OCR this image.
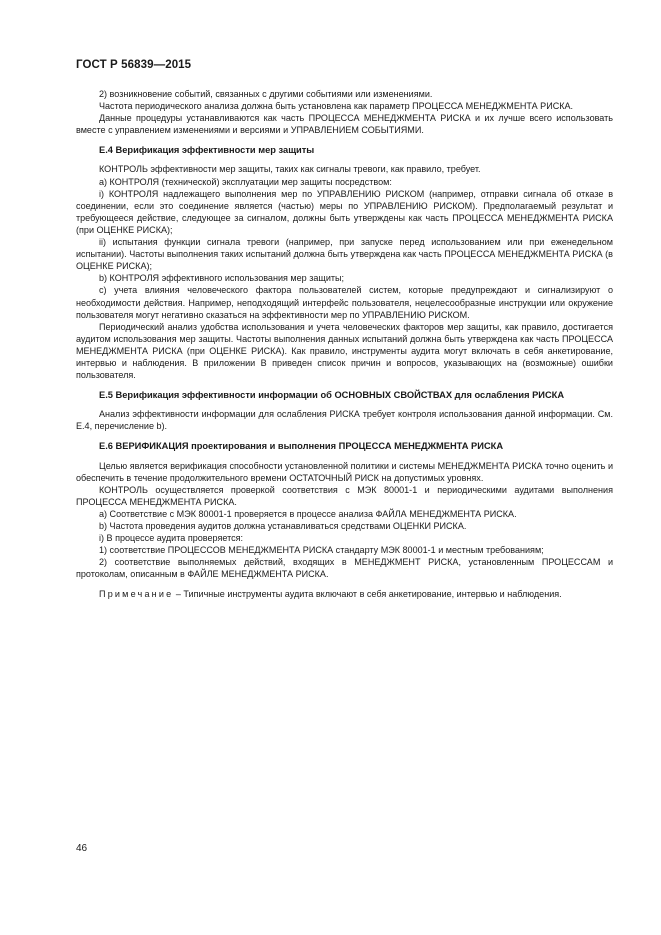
ГОСТ Р 56839—2015

2) возникновение событий, связанных с другими событиями или изменениями.

Частота периодического анализа должна быть установлена как параметр ПРОЦЕССА МЕНЕДЖМЕНТА РИСКА.

Данные процедуры устанавливаются как часть ПРОЦЕССА МЕНЕДЖМЕНТА РИСКА и их лучше всего использовать вместе с управлением изменениями и версиями и УПРАВЛЕНИЕМ СОБЫТИЯМИ.

Е.4 Верификация эффективности мер защиты

КОНТРОЛЬ эффективности мер защиты, таких как сигналы тревоги, как правило, требует.

а) КОНТРОЛЯ (технической) эксплуатации мер защиты посредством:

i) КОНТРОЛЯ надлежащего выполнения мер по УПРАВЛЕНИЮ РИСКОМ (например, отправки сигнала об отказе в соединении, если это соединение является (частью) меры по УПРАВЛЕНИЮ РИСКОМ). Предполагаемый результат и требующееся действие, следующее за сигналом, должны быть утверждены как часть ПРОЦЕССА МЕНЕДЖМЕНТА РИСКА (при ОЦЕНКЕ РИСКА);

ii) испытания функции сигнала тревоги (например, при запуске перед использованием или при еженедельном испытании). Частоты выполнения таких испытаний должна быть утверждена как часть ПРОЦЕССА МЕНЕДЖМЕНТА РИСКА (в ОЦЕНКЕ РИСКА);

b) КОНТРОЛЯ эффективного использования мер защиты;

с) учета влияния человеческого фактора пользователей систем, которые предупреждают и сигнализируют о необходимости действия. Например, неподходящий интерфейс пользователя, нецелесообразные инструкции или окружение пользователя могут негативно сказаться на эффективности мер по УПРАВЛЕНИЮ РИСКОМ.

Периодический анализ удобства использования и учета человеческих факторов мер защиты, как правило, достигается аудитом использования мер защиты. Частоты выполнения данных испытаний должна быть утверждена как часть ПРОЦЕССА МЕНЕДЖМЕНТА РИСКА (при ОЦЕНКЕ РИСКА). Как правило, инструменты аудита могут включать в себя анкетирование, интервью и наблюдения. В приложении В приведен список причин и вопросов, указывающих на (возможные) ошибки пользователя.

Е.5 Верификация эффективности информации об ОСНОВНЫХ СВОЙСТВАХ для ослабления РИСКА

Анализ эффективности информации для ослабления РИСКА требует контроля использования данной информации. См. Е.4, перечисление b).

Е.6 ВЕРИФИКАЦИЯ проектирования и выполнения ПРОЦЕССА МЕНЕДЖМЕНТА РИСКА

Целью является верификация способности установленной политики и системы МЕНЕДЖМЕНТА РИСКА точно оценить и обеспечить в течение продолжительного времени ОСТАТОЧНЫЙ РИСК на допустимых уровнях.

КОНТРОЛЬ осуществляется проверкой соответствия с МЭК 80001-1 и периодическими аудитами выполнения ПРОЦЕССА МЕНЕДЖМЕНТА РИСКА.

а) Соответствие с МЭК 80001-1 проверяется в процессе анализа ФАЙЛА МЕНЕДЖМЕНТА РИСКА.

b) Частота проведения аудитов должна устанавливаться средствами ОЦЕНКИ РИСКА.

i) В процессе аудита проверяется:

1) соответствие ПРОЦЕССОВ МЕНЕДЖМЕНТА РИСКА стандарту МЭК 80001-1 и местным требованиям;

2) соответствие выполняемых действий, входящих в МЕНЕДЖМЕНТ РИСКА, установленным ПРОЦЕССАМ и протоколам, описанным в ФАЙЛЕ МЕНЕДЖМЕНТА РИСКА.

Примечание – Типичные инструменты аудита включают в себя анкетирование, интервью и наблюдения.

46
